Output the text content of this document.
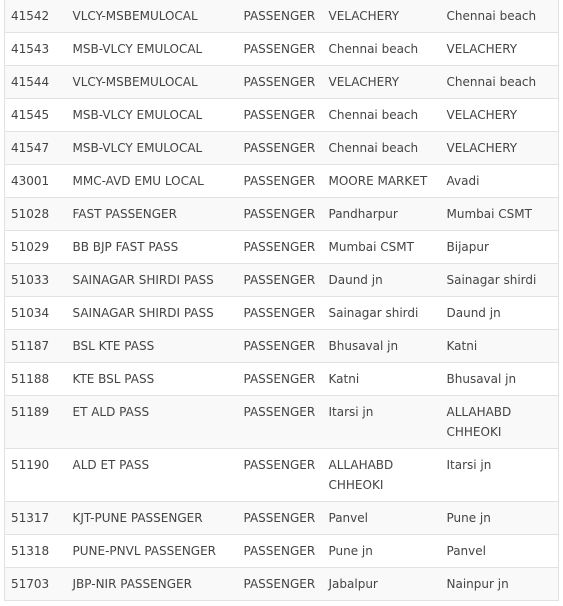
41542	VLCY-MSBEMULOCAL	PASSENGER	VELACHERY	Chennai beach
41543	MSB-VLCY EMULOCAL	PASSENGER	Chennai beach	VELACHERY
41544	VLCY-MSBEMULOCAL	PASSENGER	VELACHERY	Chennai beach
41545	MSB-VLCY EMULOCAL	PASSENGER	Chennai beach	VELACHERY
41547	MSB-VLCY EMULOCAL	PASSENGER	Chennai beach	VELACHERY
43001	MMC-AVD EMU LOCAL	PASSENGER	MOORE MARKET	Avadi
51028	FAST PASSENGER	PASSENGER	Pandharpur	Mumbai CSMT
51029	BB BJP FAST PASS	PASSENGER	Mumbai CSMT	Bijapur
51033	SAINAGAR SHIRDI PASS	PASSENGER	Daund jn	Sainagar shirdi
51034	SAINAGAR SHIRDI PASS	PASSENGER	Sainagar shirdi	Daund jn
51187	BSL KTE PASS	PASSENGER	Bhusaval jn	Katni
51188	KTE BSL PASS	PASSENGER	Katni	Bhusaval jn
51189	ET ALD PASS	PASSENGER	Itarsi jn	ALLAHABD CHHEOKI
51190	ALD ET PASS	PASSENGER	ALLAHABD CHHEOKI	Itarsi jn
51317	KJT-PUNE PASSENGER	PASSENGER	Panvel	Pune jn
51318	PUNE-PNVL PASSENGER	PASSENGER	Pune jn	Panvel
51703	JBP-NIR PASSENGER	PASSENGER	Jabalpur	Nainpur jn
